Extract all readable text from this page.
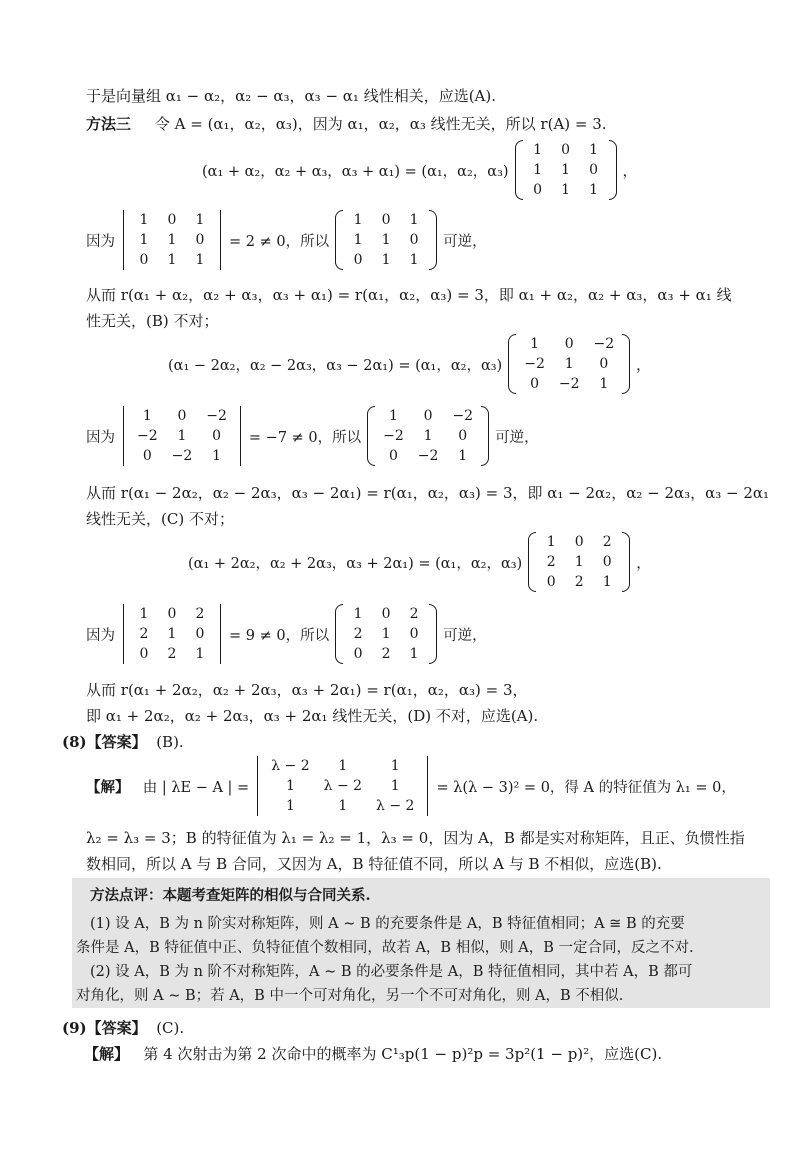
于是向量组 α₁ − α₂，α₂ − α₃，α₃ − α₁ 线性相关，应选(A).
方法三 令 A = (α₁，α₂，α₃)，因为 α₁，α₂，α₃ 线性无关，所以 r(A) = 3.
(α₁ + α₂，α₂ + α₃，α₃ + α₁) = (α₁，α₂，α₃)
1	0	1
1	1	0
0	1	1
，
因为
1	0	1
1	1	0
0	1	1
= 2 ≠ 0，所以
1	0	1
1	1	0
0	1	1
可逆，
从而 r(α₁ + α₂，α₂ + α₃，α₃ + α₁) = r(α₁，α₂，α₃) = 3，即 α₁ + α₂，α₂ + α₃，α₃ + α₁ 线
性无关，(B) 不对；
(α₁ − 2α₂，α₂ − 2α₃，α₃ − 2α₁) = (α₁，α₂，α₃)
1	0	−2
−2	1	0
0	−2	1
，
因为
1	0	−2
−2	1	0
0	−2	1
= −7 ≠ 0，所以
1	0	−2
−2	1	0
0	−2	1
可逆，
从而 r(α₁ − 2α₂，α₂ − 2α₃，α₃ − 2α₁) = r(α₁，α₂，α₃) = 3，即 α₁ − 2α₂，α₂ − 2α₃，α₃ − 2α₁
线性无关，(C) 不对；
(α₁ + 2α₂，α₂ + 2α₃，α₃ + 2α₁) = (α₁，α₂，α₃)
1	0	2
2	1	0
0	2	1
，
因为
1	0	2
2	1	0
0	2	1
= 9 ≠ 0，所以
1	0	2
2	1	0
0	2	1
可逆，
从而 r(α₁ + 2α₂，α₂ + 2α₃，α₃ + 2α₁) = r(α₁，α₂，α₃) = 3，
即 α₁ + 2α₂，α₂ + 2α₃，α₃ + 2α₁ 线性无关，(D) 不对，应选(A).
(8)【答案】 (B).
【解】
由 | λE − A | =
λ − 2	1	1
1	λ − 2	1
1	1	λ − 2
= λ(λ − 3)² = 0，得 A 的特征值为 λ₁ = 0，
λ₂ = λ₃ = 3；B 的特征值为 λ₁ = λ₂ = 1，λ₃ = 0，因为 A，B 都是实对称矩阵，且正、负惯性指
数相同，所以 A 与 B 合同，又因为 A，B 特征值不同，所以 A 与 B 不相似，应选(B).
方法点评：本题考查矩阵的相似与合同关系.
(1) 设 A，B 为 n 阶实对称矩阵，则 A ∼ B 的充要条件是 A，B 特征值相同；A ≅ B 的充要
条件是 A，B 特征值中正、负特征值个数相同，故若 A，B 相似，则 A，B 一定合同，反之不对.
(2) 设 A，B 为 n 阶不对称矩阵，A ∼ B 的必要条件是 A，B 特征值相同，其中若 A，B 都可
对角化，则 A ∼ B；若 A，B 中一个可对角化，另一个不可对角化，则 A，B 不相似.
(9)【答案】 (C).
【解】 第 4 次射击为第 2 次命中的概率为 C¹₃p(1 − p)²p = 3p²(1 − p)²，应选(C).
